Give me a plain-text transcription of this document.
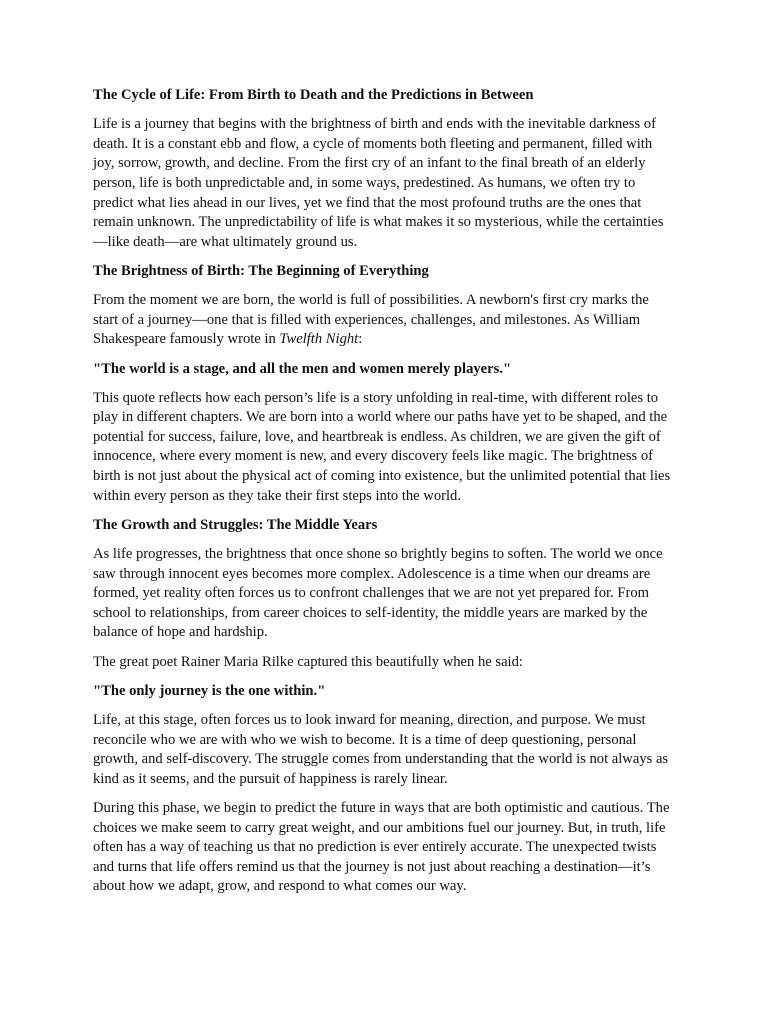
The Cycle of Life: From Birth to Death and the Predictions in Between

Life is a journey that begins with the brightness of birth and ends with the inevitable darkness of death. It is a constant ebb and flow, a cycle of moments both fleeting and permanent, filled with joy, sorrow, growth, and decline. From the first cry of an infant to the final breath of an elderly person, life is both unpredictable and, in some ways, predestined. As humans, we often try to predict what lies ahead in our lives, yet we find that the most profound truths are the ones that remain unknown. The unpredictability of life is what makes it so mysterious, while the certainties—like death—are what ultimately ground us.

The Brightness of Birth: The Beginning of Everything

From the moment we are born, the world is full of possibilities. A newborn's first cry marks the start of a journey—one that is filled with experiences, challenges, and milestones. As William Shakespeare famously wrote in Twelfth Night:

"The world is a stage, and all the men and women merely players."

This quote reflects how each person’s life is a story unfolding in real-time, with different roles to play in different chapters. We are born into a world where our paths have yet to be shaped, and the potential for success, failure, love, and heartbreak is endless. As children, we are given the gift of innocence, where every moment is new, and every discovery feels like magic. The brightness of birth is not just about the physical act of coming into existence, but the unlimited potential that lies within every person as they take their first steps into the world.

The Growth and Struggles: The Middle Years

As life progresses, the brightness that once shone so brightly begins to soften. The world we once saw through innocent eyes becomes more complex. Adolescence is a time when our dreams are formed, yet reality often forces us to confront challenges that we are not yet prepared for. From school to relationships, from career choices to self-identity, the middle years are marked by the balance of hope and hardship.

The great poet Rainer Maria Rilke captured this beautifully when he said:

"The only journey is the one within."

Life, at this stage, often forces us to look inward for meaning, direction, and purpose. We must reconcile who we are with who we wish to become. It is a time of deep questioning, personal growth, and self-discovery. The struggle comes from understanding that the world is not always as kind as it seems, and the pursuit of happiness is rarely linear.

During this phase, we begin to predict the future in ways that are both optimistic and cautious. The choices we make seem to carry great weight, and our ambitions fuel our journey. But, in truth, life often has a way of teaching us that no prediction is ever entirely accurate. The unexpected twists and turns that life offers remind us that the journey is not just about reaching a destination—it’s about how we adapt, grow, and respond to what comes our way.
